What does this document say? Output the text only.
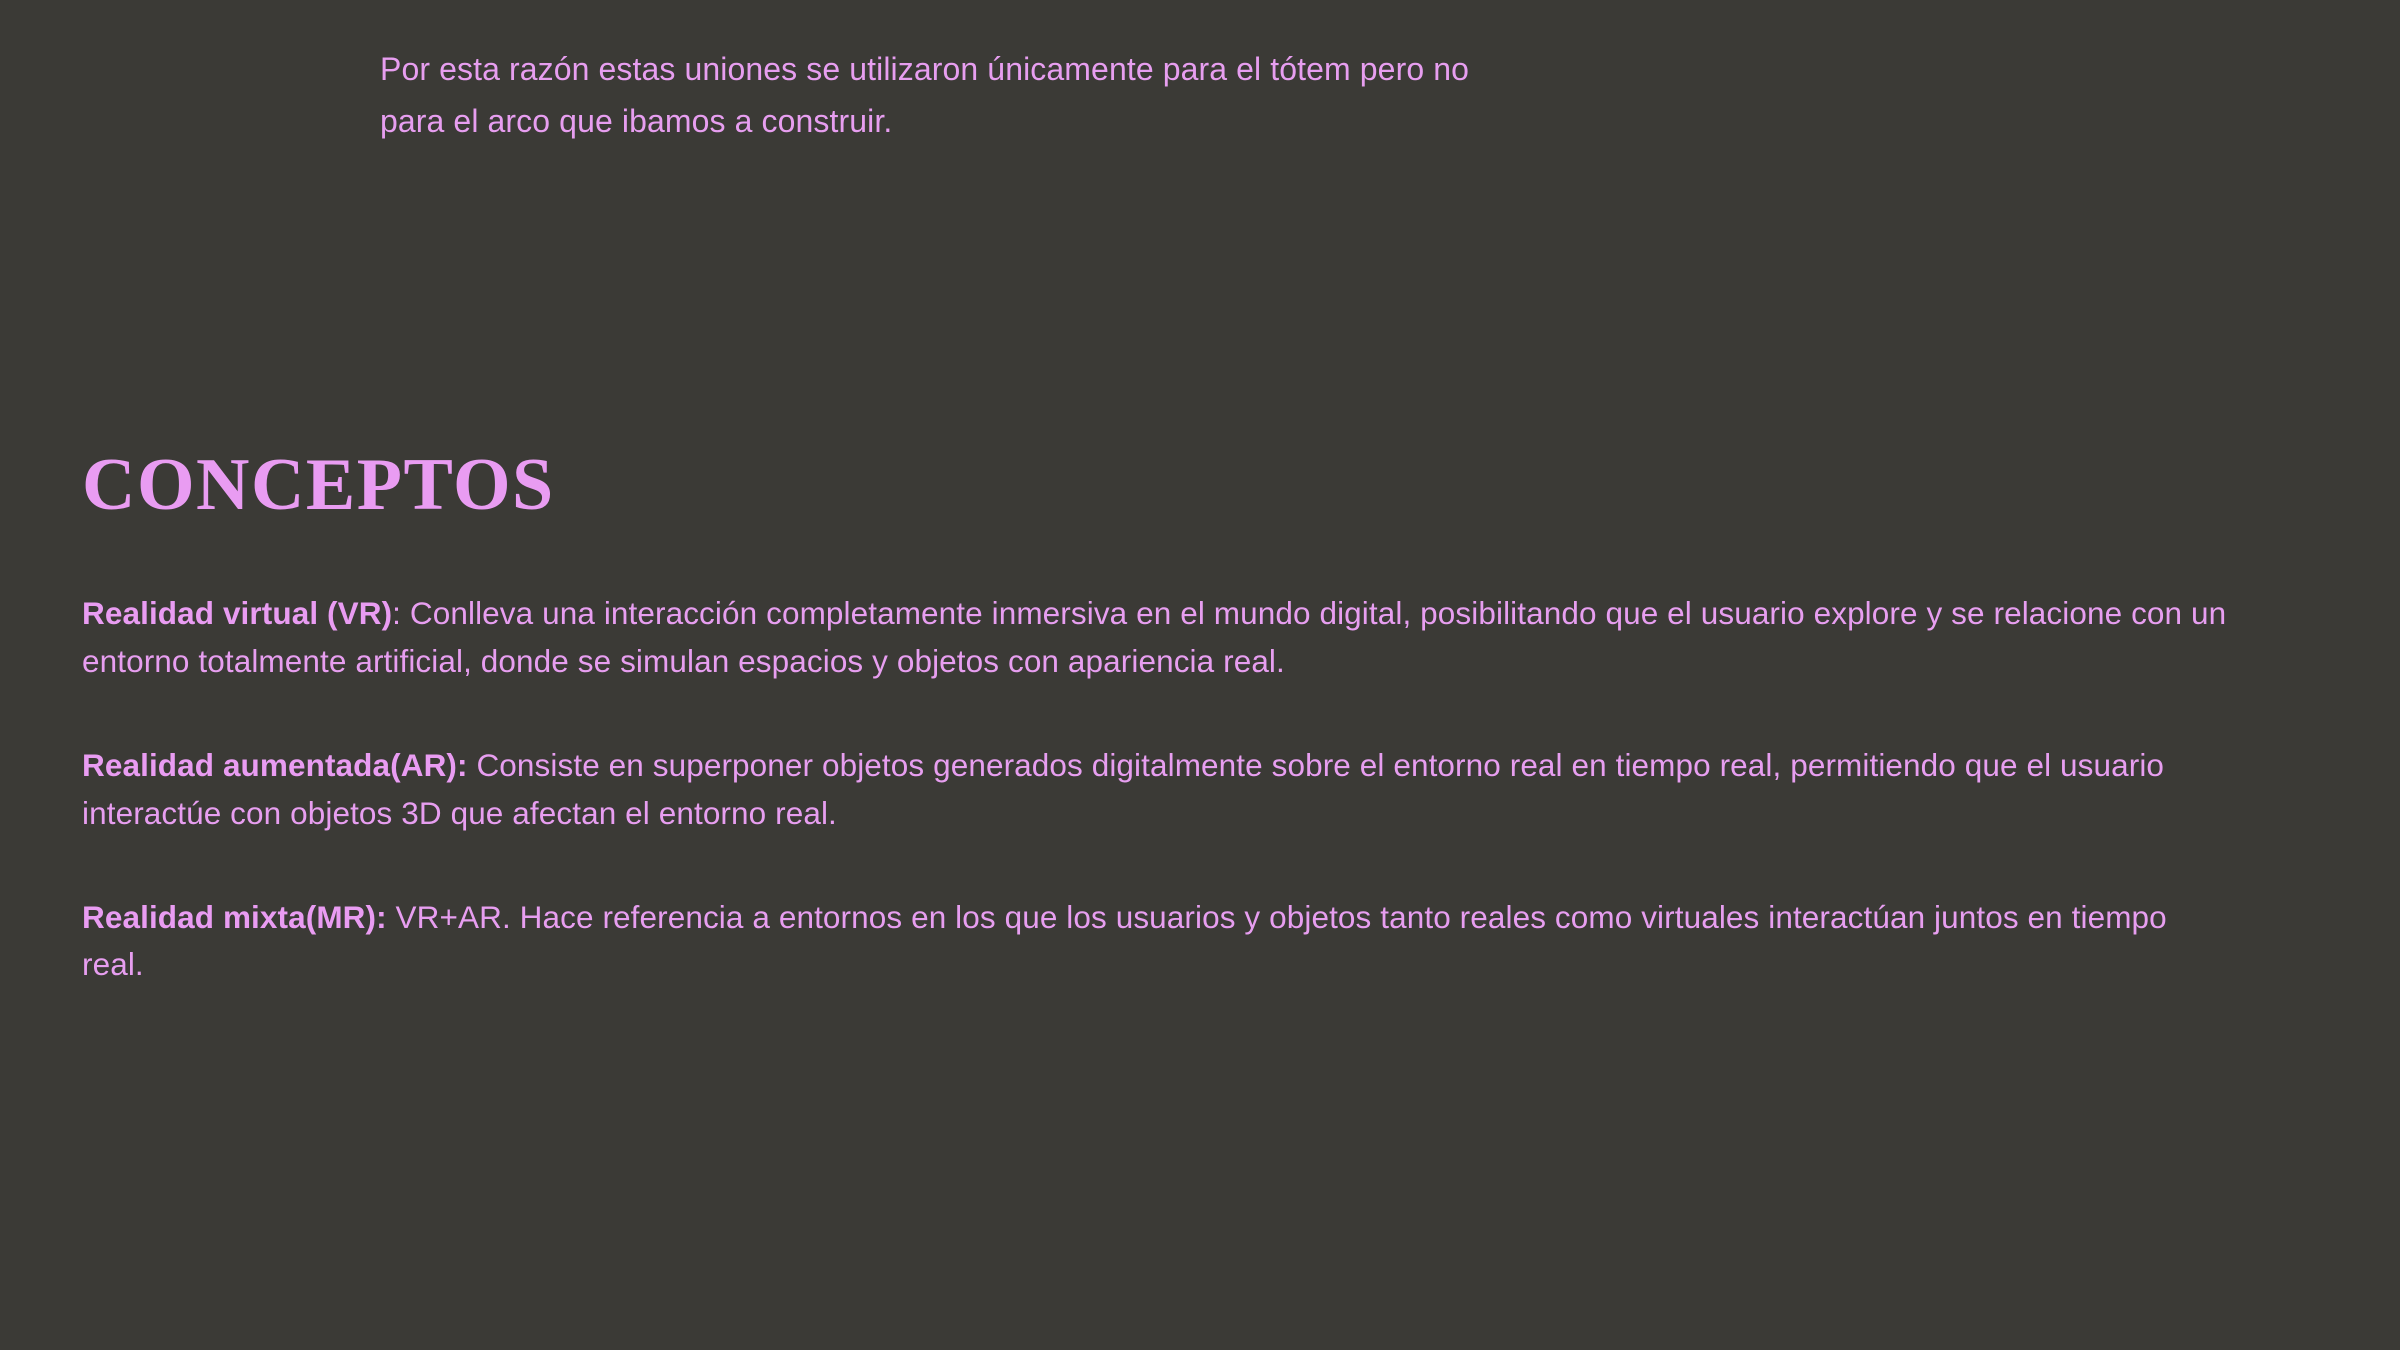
Por esta razón estas uniones se utilizaron únicamente para el tótem pero no
para el arco que ibamos a construir.
CONCEPTOS

Realidad virtual (VR): Conlleva una interacción completamente inmersiva en el mundo digital, posibilitando que el usuario explore y se relacione con un entorno totalmente artificial, donde se simulan espacios y objetos con apariencia real.

Realidad aumentada(AR): Consiste en superponer objetos generados digitalmente sobre el entorno real en tiempo real, permitiendo que el usuario interactúe con objetos 3D que afectan el entorno real.

Realidad mixta(MR): VR+AR. Hace referencia a entornos en los que los usuarios y objetos tanto reales como virtuales interactúan juntos en tiempo real.
